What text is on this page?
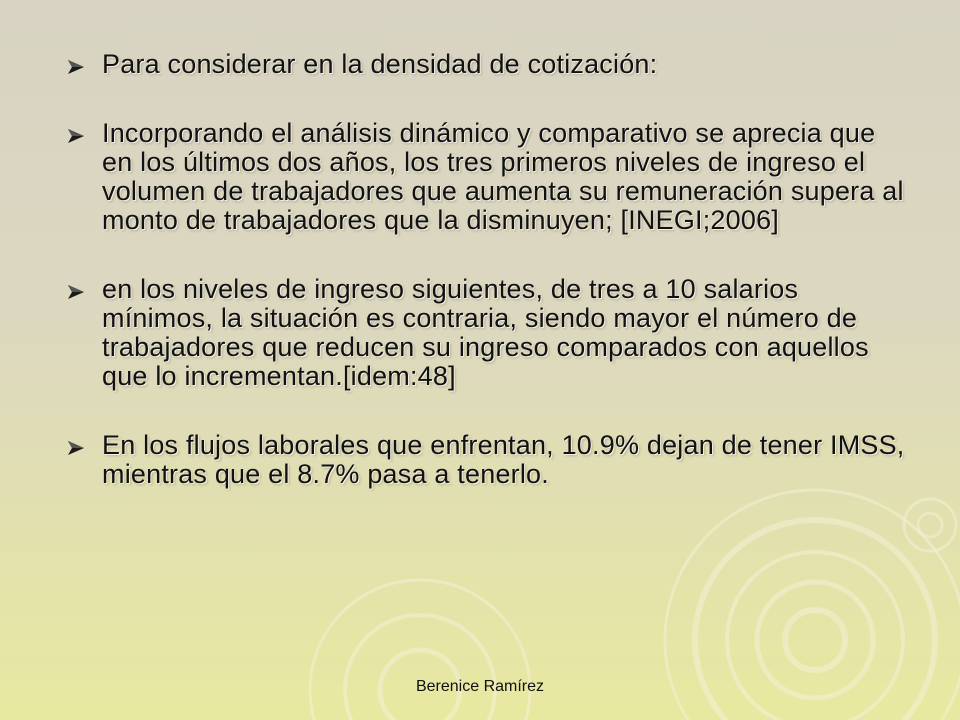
Para considerar en la densidad de cotización:
Incorporando el análisis dinámico y comparativo se aprecia que en los últimos dos años, los tres primeros niveles de ingreso el volumen de trabajadores que aumenta su remuneración supera al monto de trabajadores que la disminuyen; [INEGI;2006]
en los niveles de ingreso siguientes, de tres a 10 salarios mínimos, la situación es contraria, siendo mayor el número de trabajadores que reducen su ingreso comparados con aquellos que lo incrementan.[idem:48]
En los flujos laborales que enfrentan, 10.9% dejan de tener IMSS, mientras que el 8.7% pasa a tenerlo.
Berenice Ramírez
